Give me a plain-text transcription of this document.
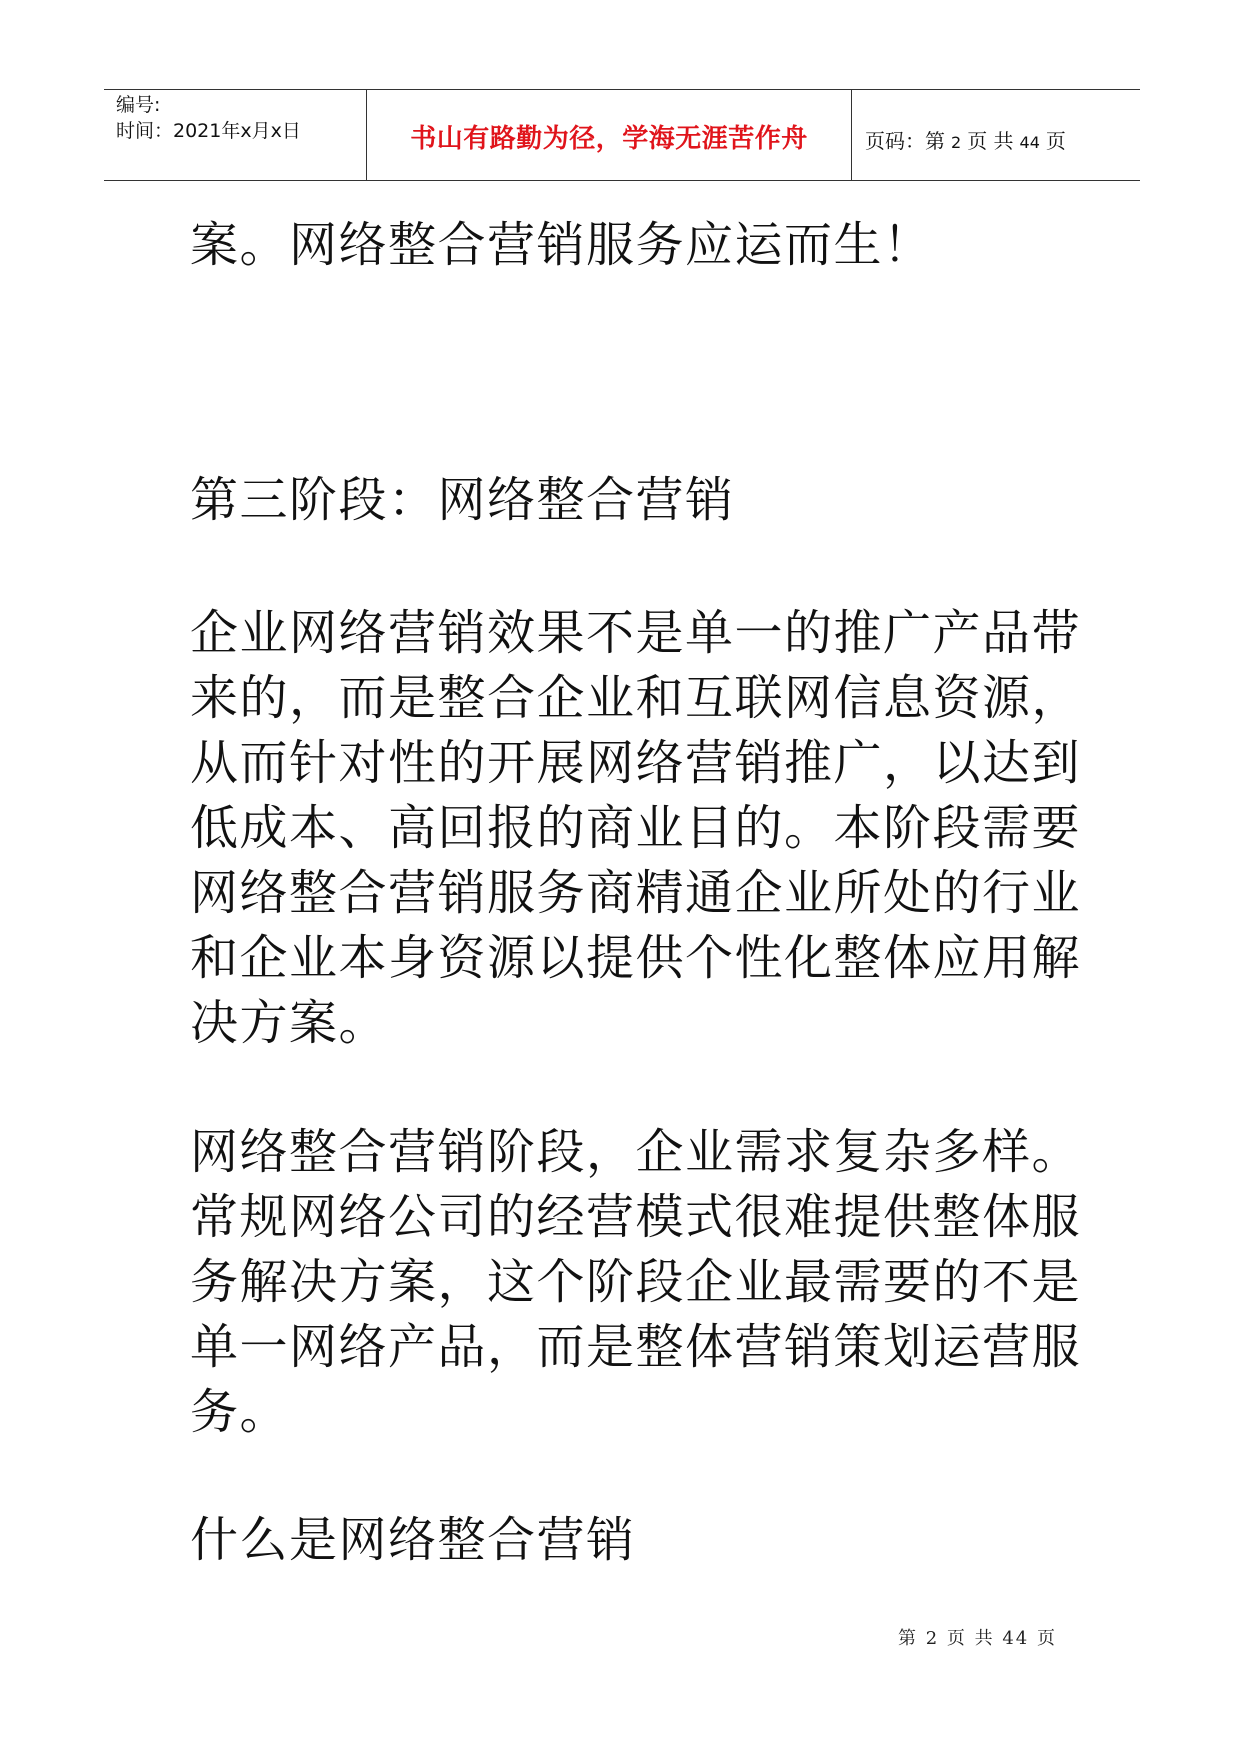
编号:
时间：2021年x月x日	书山有路勤为径，学海无涯苦作舟	页码：第 2 页 共 44 页

案。网络整合营销服务应运而生！

第三阶段：网络整合营销

企业网络营销效果不是单一的推广产品带来的，而是整合企业和互联网信息资源，从而针对性的开展网络营销推广，以达到低成本、高回报的商业目的。本阶段需要网络整合营销服务商精通企业所处的行业和企业本身资源以提供个性化整体应用解决方案。

网络整合营销阶段，企业需求复杂多样。常规网络公司的经营模式很难提供整体服务解决方案，这个阶段企业最需要的不是单一网络产品，而是整体营销策划运营服务。

什么是网络整合营销

第 2 页 共 44 页
